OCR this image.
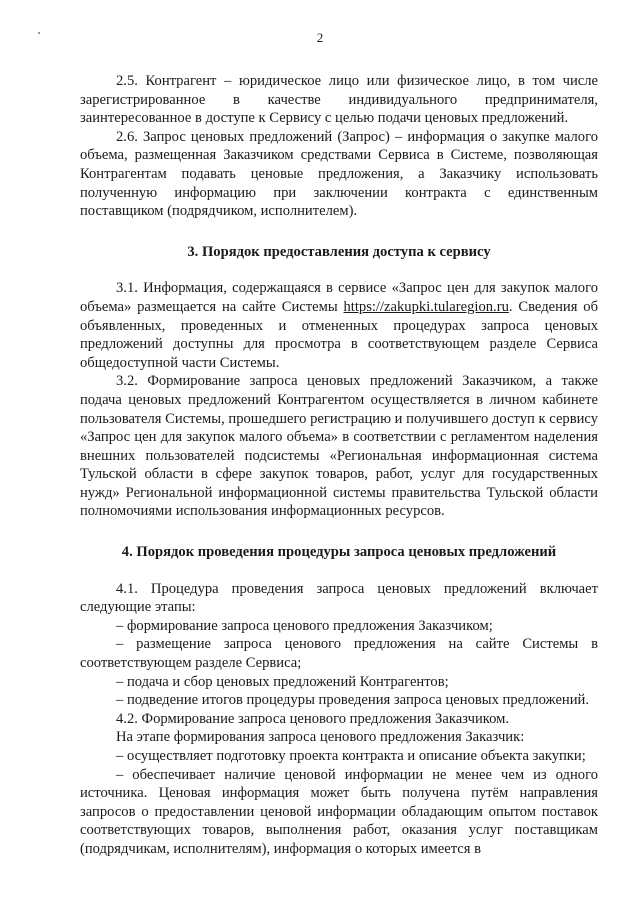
2

2.5. Контрагент – юридическое лицо или физическое лицо, в том числе зарегистрированное в качестве индивидуального предпринимателя, заинтересованное в доступе к Сервису с целью подачи ценовых предложений.

2.6. Запрос ценовых предложений (Запрос) – информация о закупке малого объема, размещенная Заказчиком средствами Сервиса в Системе, позволяющая Контрагентам подавать ценовые предложения, а Заказчику использовать полученную информацию при заключении контракта с единственным поставщиком (подрядчиком, исполнителем).

3. Порядок предоставления доступа к сервису

3.1. Информация, содержащаяся в сервисе «Запрос цен для закупок малого объема» размещается на сайте Системы https://zakupki.tularegion.ru. Сведения об объявленных, проведенных и отмененных процедурах запроса ценовых предложений доступны для просмотра в соответствующем разделе Сервиса общедоступной части Системы.

3.2. Формирование запроса ценовых предложений Заказчиком, а также подача ценовых предложений Контрагентом осуществляется в личном кабинете пользователя Системы, прошедшего регистрацию и получившего доступ к сервису «Запрос цен для закупок малого объема» в соответствии с регламентом наделения внешних пользователей подсистемы «Региональная информационная система Тульской области в сфере закупок товаров, работ, услуг для государственных нужд» Региональной информационной системы правительства Тульской области полномочиями использования информационных ресурсов.

4. Порядок проведения процедуры запроса ценовых предложений

4.1. Процедура проведения запроса ценовых предложений включает следующие этапы:

– формирование запроса ценового предложения Заказчиком;

– размещение запроса ценового предложения на сайте Системы в соответствующем разделе Сервиса;

– подача и сбор ценовых предложений Контрагентов;

– подведение итогов процедуры проведения запроса ценовых предложений.

4.2. Формирование запроса ценового предложения Заказчиком.

На этапе формирования запроса ценового предложения Заказчик:

– осуществляет подготовку проекта контракта и описание объекта закупки;

– обеспечивает наличие ценовой информации не менее чем из одного источника. Ценовая информация может быть получена путём направления запросов о предоставлении ценовой информации обладающим опытом поставок соответствующих товаров, выполнения работ, оказания услуг поставщикам (подрядчикам, исполнителям), информация о которых имеется в
